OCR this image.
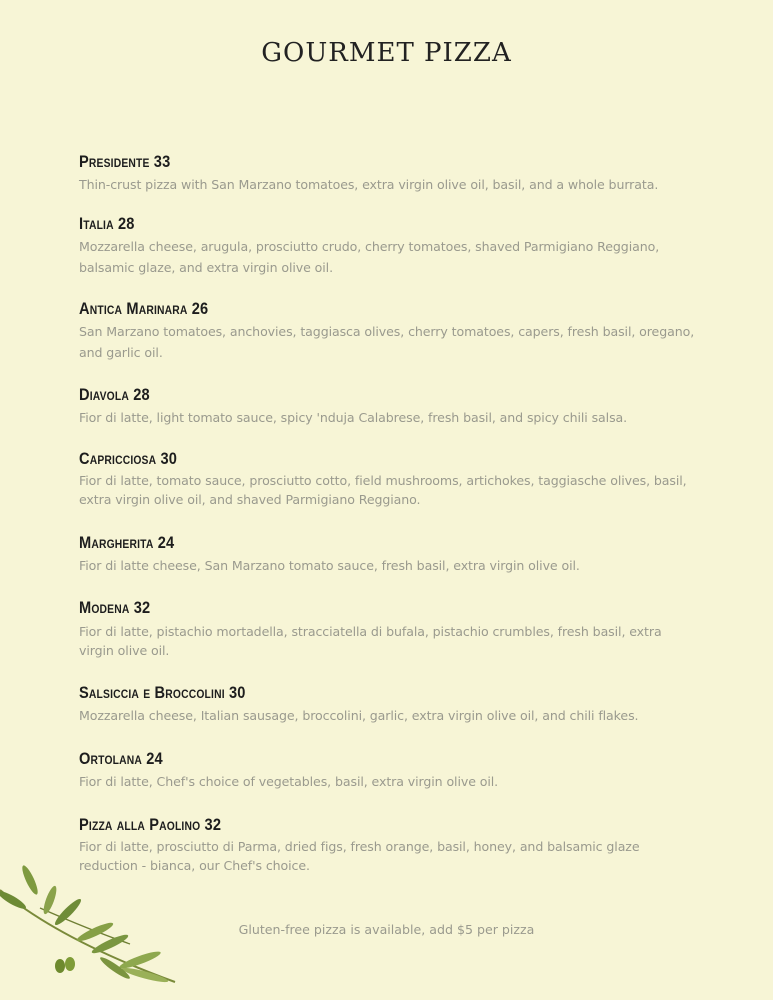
GOURMET PIZZA
Presidente 33
Thin-crust pizza with San Marzano tomatoes, extra virgin olive oil, basil, and a whole burrata.
Italia 28
Mozzarella cheese, arugula, prosciutto crudo, cherry tomatoes, shaved Parmigiano Reggiano, balsamic glaze, and extra virgin olive oil.
Antica Marinara 26
San Marzano tomatoes, anchovies, taggiasca olives, cherry tomatoes, capers, fresh basil, oregano, and garlic oil.
Diavola 28
Fior di latte, light tomato sauce, spicy 'nduja Calabrese, fresh basil, and spicy chili salsa.
Capricciosa 30
Fior di latte, tomato sauce, prosciutto cotto, field mushrooms, artichokes, taggiasche olives, basil, extra virgin olive oil, and shaved Parmigiano Reggiano.
Margherita 24
Fior di latte cheese, San Marzano tomato sauce, fresh basil, extra virgin olive oil.
Modena 32
Fior di latte, pistachio mortadella, stracciatella di bufala, pistachio crumbles, fresh basil, extra virgin olive oil.
Salsiccia e Broccolini 30
Mozzarella cheese, Italian sausage, broccolini, garlic, extra virgin olive oil, and chili flakes.
Ortolana 24
Fior di latte, Chef's choice of vegetables, basil, extra virgin olive oil.
Pizza alla Paolino 32
Fior di latte, prosciutto di Parma, dried figs, fresh orange, basil, honey, and balsamic glaze reduction - bianca, our Chef's choice.
Gluten-free pizza is available, add $5 per pizza
